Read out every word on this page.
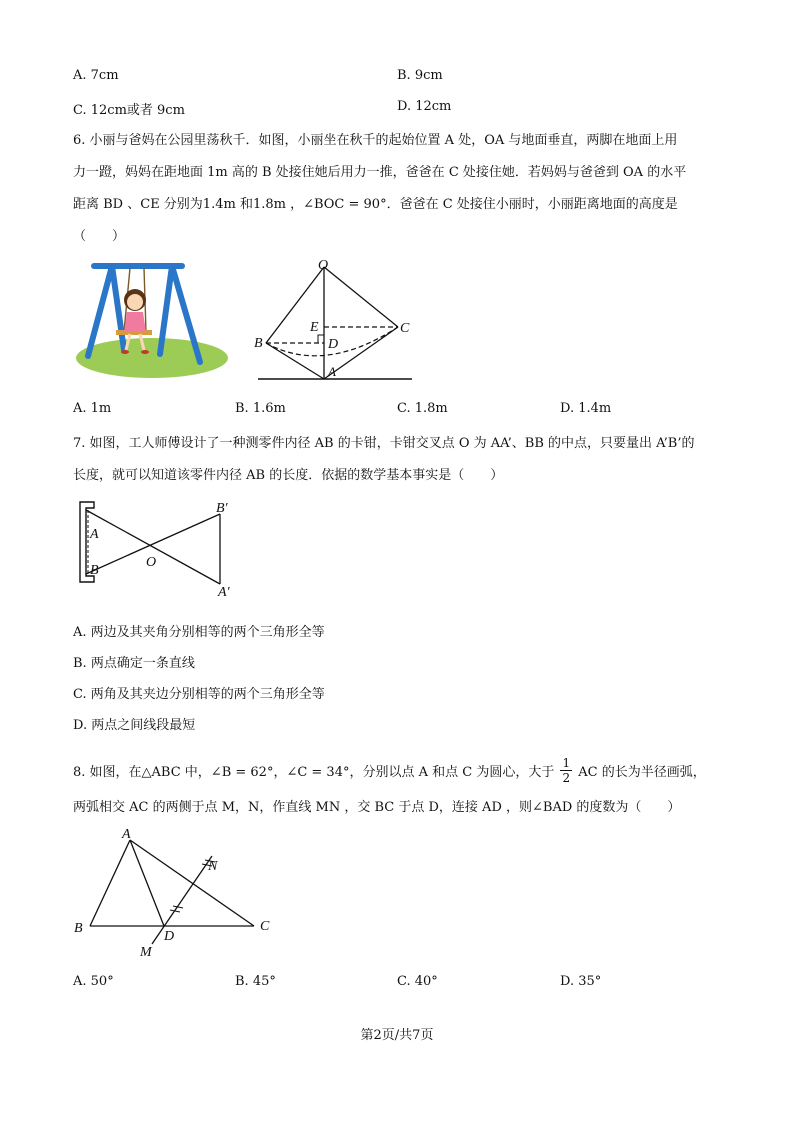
A. 7cm	B. 9cm
C. 12cm或者 9cm	D. 12cm
6. 小丽与爸妈在公园里荡秋千．如图，小丽坐在秋千的起始位置 A 处，OA 与地面垂直，两脚在地面上用
力一蹬，妈妈在距地面 1m 高的 B 处接住她后用力一推，爸爸在 C 处接住她．若妈妈与爸爸到 OA 的水平
距离 BD 、CE 分别为1.4m 和1.8m ，∠BOC = 90°．爸爸在 C 处接住小丽时，小丽距离地面的高度是
（　　）
O
E	C
B	D
A
A. 1m	B. 1.6m	C. 1.8m	D. 1.4m
7. 如图，工人师傅设计了一种测零件内径 AB 的卡钳，卡钳交叉点 O 为 AA’、BB 的中点，只要量出 A’B’的
长度，就可以知道该零件内径 AB 的长度．依据的数学基本事实是（　　）
A
B
O
B′
A′
A. 两边及其夹角分别相等的两个三角形全等
B. 两点确定一条直线
C. 两角及其夹边分别相等的两个三角形全等
D. 两点之间线段最短
8. 如图，在△ABC 中，∠B = 62°，∠C = 34°，分别以点 A 和点 C 为圆心，大于 $\frac{1}{2}$ AC 的长为半径画弧，
两弧相交 AC 的两侧于点 M，N，作直线 MN ，交 BC 于点 D，连接 AD ，则∠BAD 的度数为（　　）
A
B	C
D
M
N
A. 50°	B. 45°	C. 40°	D. 35°
第2页/共7页
